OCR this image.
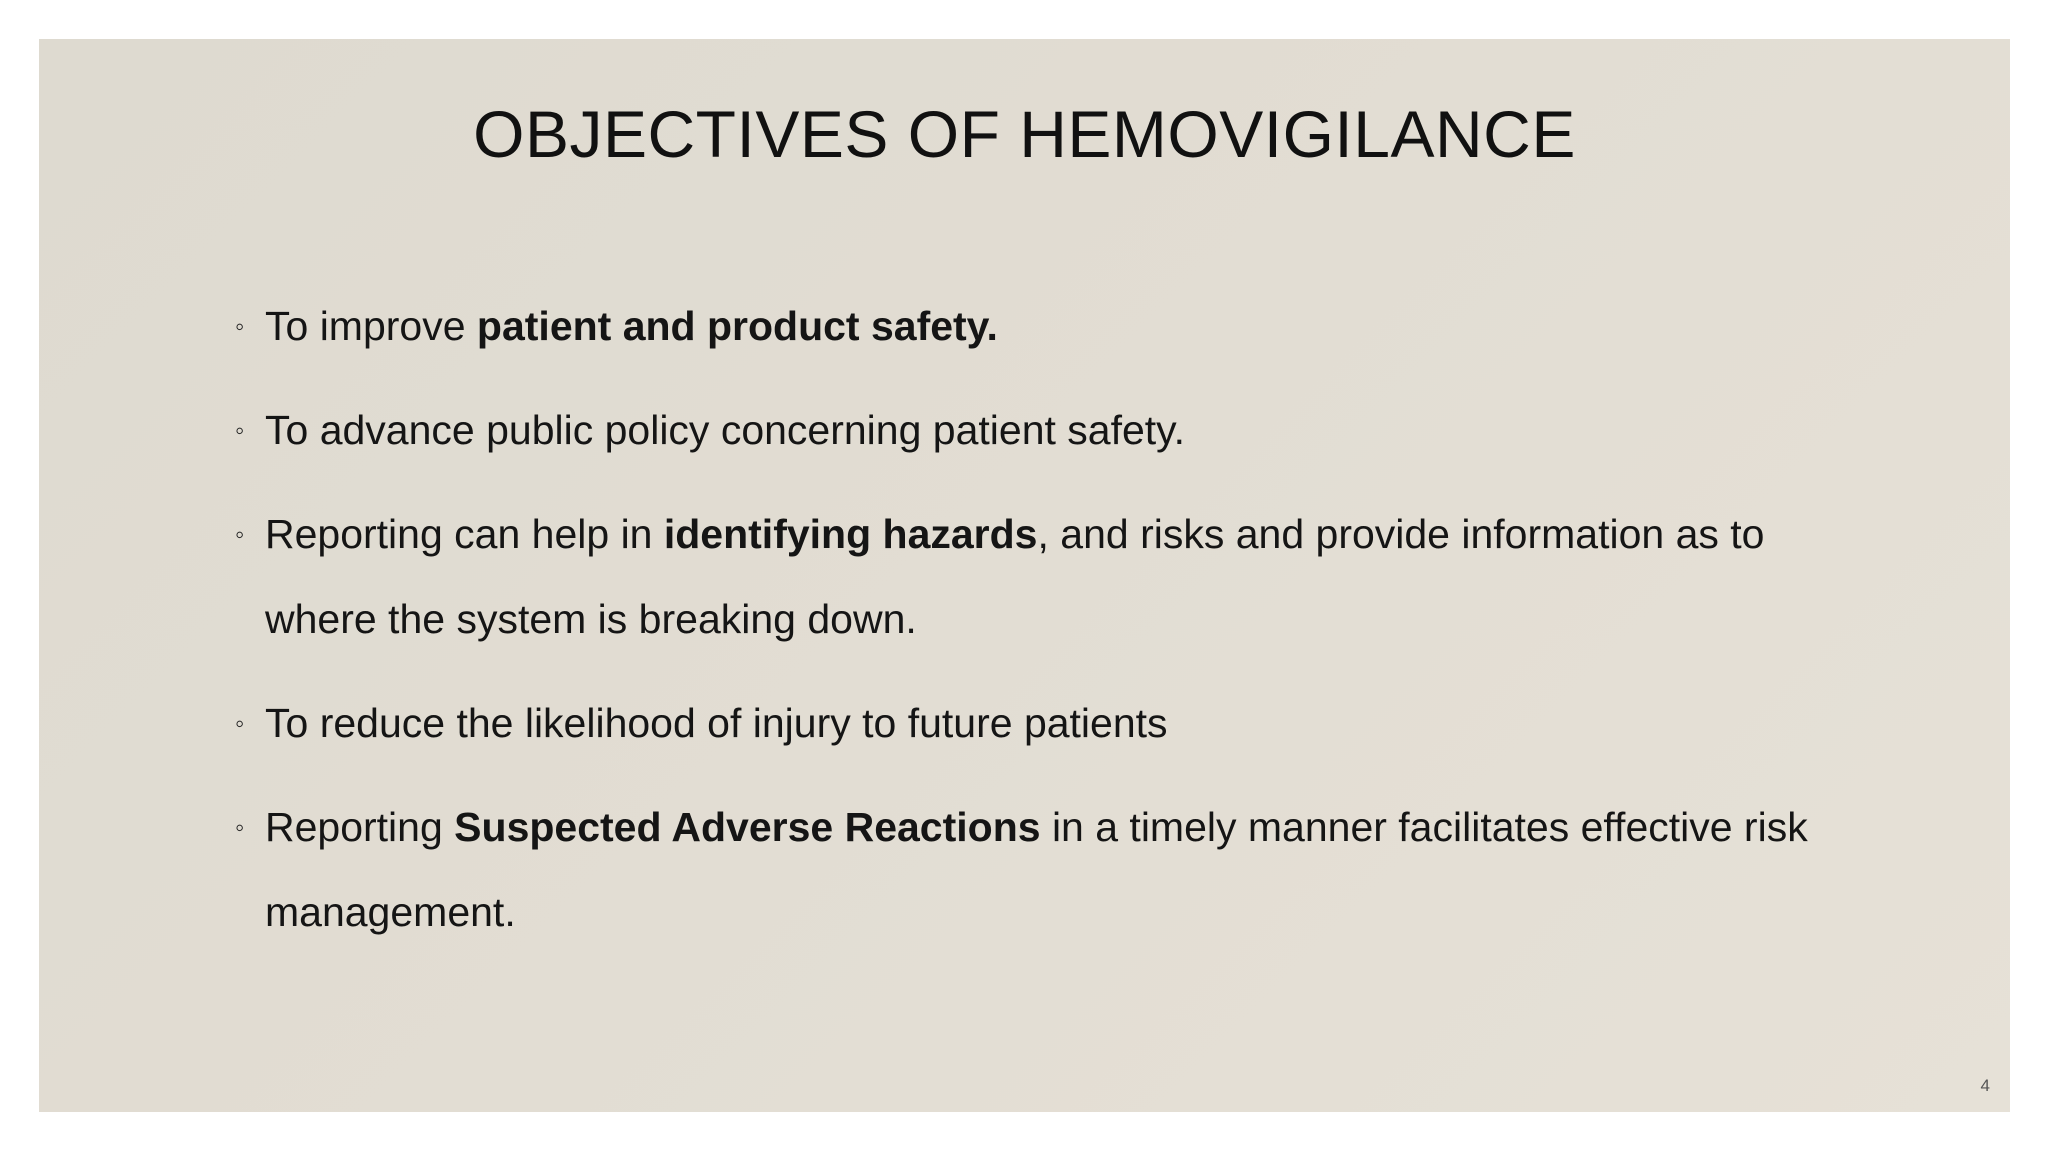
OBJECTIVES OF HEMOVIGILANCE
◦ To improve patient and product safety.
◦ To advance public policy concerning patient safety.
◦ Reporting can help in identifying hazards, and risks and provide information as to where the system is breaking down.
◦ To reduce the likelihood of injury to future patients
◦ Reporting Suspected Adverse Reactions in a timely manner facilitates effective risk management.
4
